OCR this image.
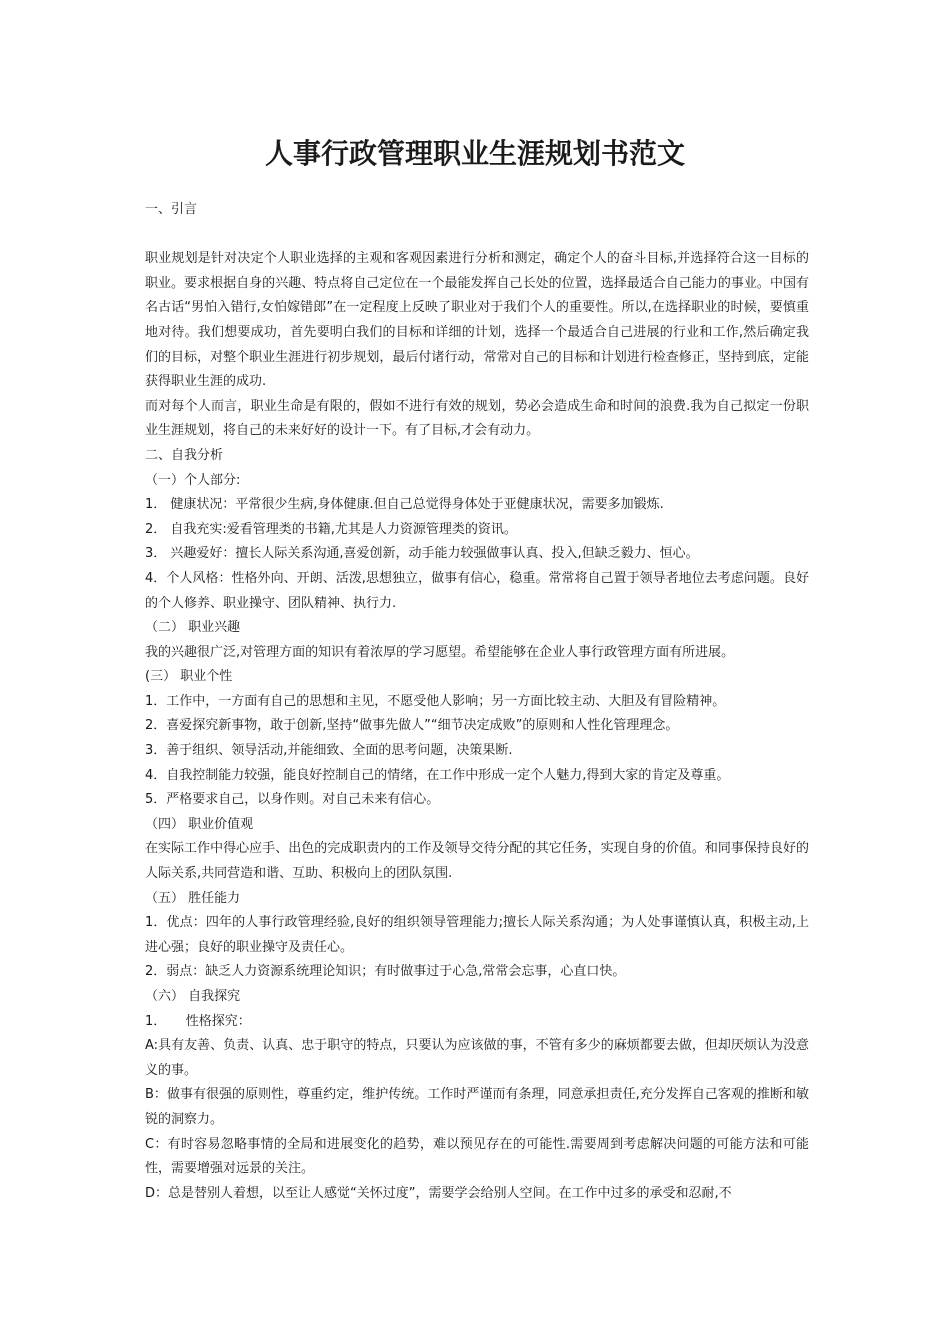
人事行政管理职业生涯规划书范文

一、引言

职业规划是针对决定个人职业选择的主观和客观因素进行分析和测定，确定个人的奋斗目标,并选择符合这一目标的职业。要求根据自身的兴趣、特点将自己定位在一个最能发挥自己长处的位置，选择最适合自己能力的事业。中国有名古话“男怕入错行,女怕嫁错郎”在一定程度上反映了职业对于我们个人的重要性。所以,在选择职业的时候，要慎重地对待。我们想要成功，首先要明白我们的目标和详细的计划，选择一个最适合自己进展的行业和工作,然后确定我们的目标，对整个职业生涯进行初步规划，最后付诸行动，常常对自己的目标和计划进行检查修正，坚持到底，定能获得职业生涯的成功.

而对每个人而言，职业生命是有限的，假如不进行有效的规划，势必会造成生命和时间的浪费.我为自己拟定一份职业生涯规划，将自己的未来好好的设计一下。有了目标,才会有动力。

二、自我分析

（一）个人部分:

1． 健康状况：平常很少生病,身体健康.但自己总觉得身体处于亚健康状况，需要多加锻炼.

2． 自我充实:爱看管理类的书籍,尤其是人力资源管理类的资讯。

3． 兴趣爱好：擅长人际关系沟通,喜爱创新，动手能力较强做事认真、投入,但缺乏毅力、恒心。

4．个人风格：性格外向、开朗、活泼,思想独立，做事有信心，稳重。常常将自己置于领导者地位去考虑问题。良好的个人修养、职业操守、团队精神、执行力.

（二） 职业兴趣

我的兴趣很广泛,对管理方面的知识有着浓厚的学习愿望。希望能够在企业人事行政管理方面有所进展。

(三） 职业个性

1．工作中，一方面有自己的思想和主见，不愿受他人影响；另一方面比较主动、大胆及有冒险精神。

2．喜爱探究新事物，敢于创新,坚持“做事先做人”“细节决定成败”的原则和人性化管理理念。

3．善于组织、领导活动,并能细致、全面的思考问题，决策果断.

4．自我控制能力较强，能良好控制自己的情绪，在工作中形成一定个人魅力,得到大家的肯定及尊重。

5．严格要求自己，以身作则。对自己未来有信心。

（四） 职业价值观

在实际工作中得心应手、出色的完成职责内的工作及领导交待分配的其它任务，实现自身的价值。和同事保持良好的人际关系,共同营造和谐、互助、积极向上的团队氛围.

（五） 胜任能力

1．优点：四年的人事行政管理经验,良好的组织领导管理能力;擅长人际关系沟通；为人处事谨慎认真，积极主动,上进心强；良好的职业操守及责任心。

2．弱点：缺乏人力资源系统理论知识；有时做事过于心急,常常会忘事，心直口快。

（六） 自我探究

1．　　性格探究：

A:具有友善、负责、认真、忠于职守的特点，只要认为应该做的事，不管有多少的麻烦都要去做，但却厌烦认为没意义的事。

B：做事有很强的原则性，尊重约定，维护传统。工作时严谨而有条理，同意承担责任,充分发挥自己客观的推断和敏锐的洞察力。

C：有时容易忽略事情的全局和进展变化的趋势，难以预见存在的可能性.需要周到考虑解决问题的可能方法和可能性，需要增强对远景的关注。

D：总是替别人着想，以至让人感觉“关怀过度”，需要学会给别人空间。在工作中过多的承受和忍耐,不
